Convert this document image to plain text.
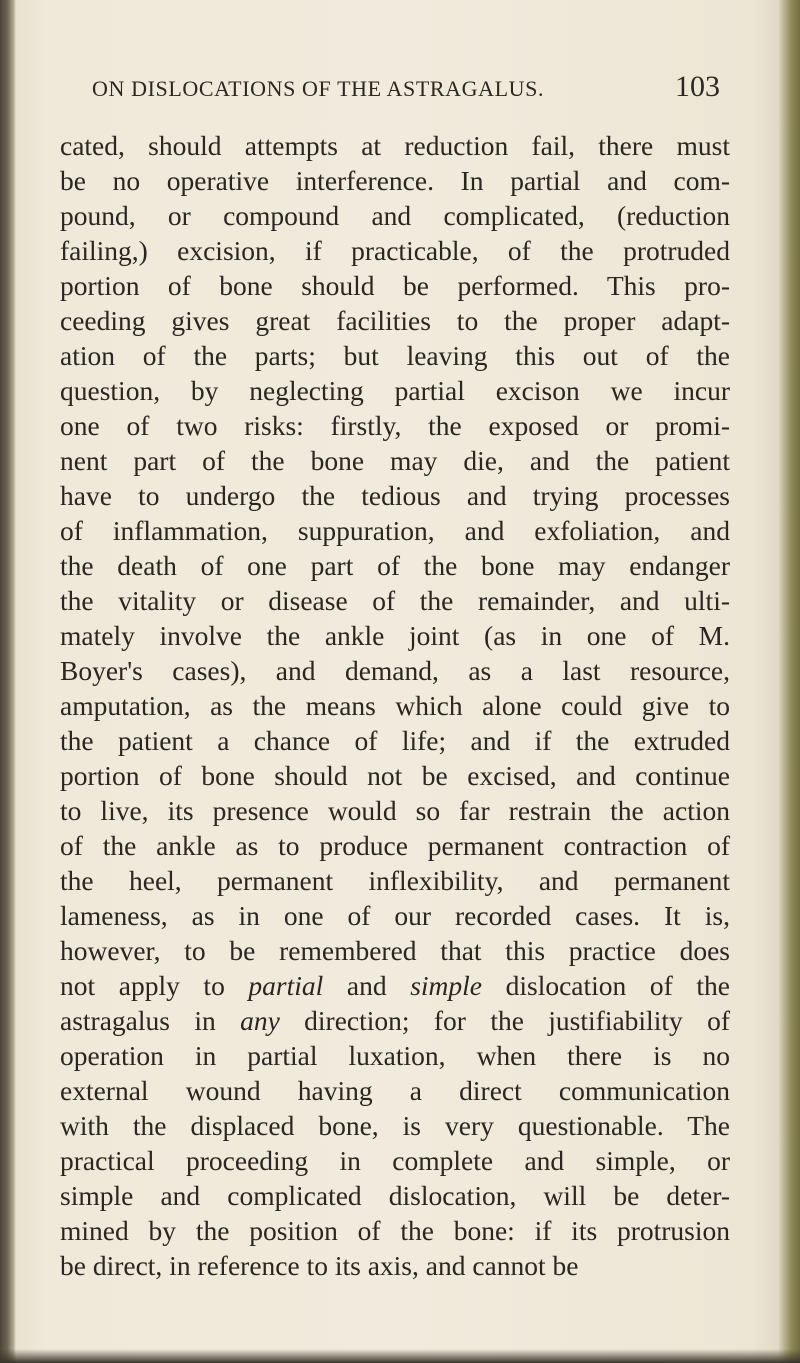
ON DISLOCATIONS OF THE ASTRAGALUS.	103
cated, should attempts at reduction fail, there must
be no operative interference. In partial and com-
pound, or compound and complicated, (reduction
failing,) excision, if practicable, of the protruded
portion of bone should be performed. This pro-
ceeding gives great facilities to the proper adapt-
ation of the parts; but leaving this out of the
question, by neglecting partial excison we incur
one of two risks: firstly, the exposed or promi-
nent part of the bone may die, and the patient
have to undergo the tedious and trying processes
of inflammation, suppuration, and exfoliation, and
the death of one part of the bone may endanger
the vitality or disease of the remainder, and ulti-
mately involve the ankle joint (as in one of M.
Boyer's cases), and demand, as a last resource,
amputation, as the means which alone could give to
the patient a chance of life; and if the extruded
portion of bone should not be excised, and continue
to live, its presence would so far restrain the action
of the ankle as to produce permanent contraction of
the heel, permanent inflexibility, and permanent
lameness, as in one of our recorded cases. It is,
however, to be remembered that this practice does
not apply to partial and simple dislocation of the
astragalus in any direction; for the justifiability of
operation in partial luxation, when there is no
external wound having a direct communication
with the displaced bone, is very questionable. The
practical proceeding in complete and simple, or
simple and complicated dislocation, will be deter-
mined by the position of the bone: if its protrusion
be direct, in reference to its axis, and cannot be
